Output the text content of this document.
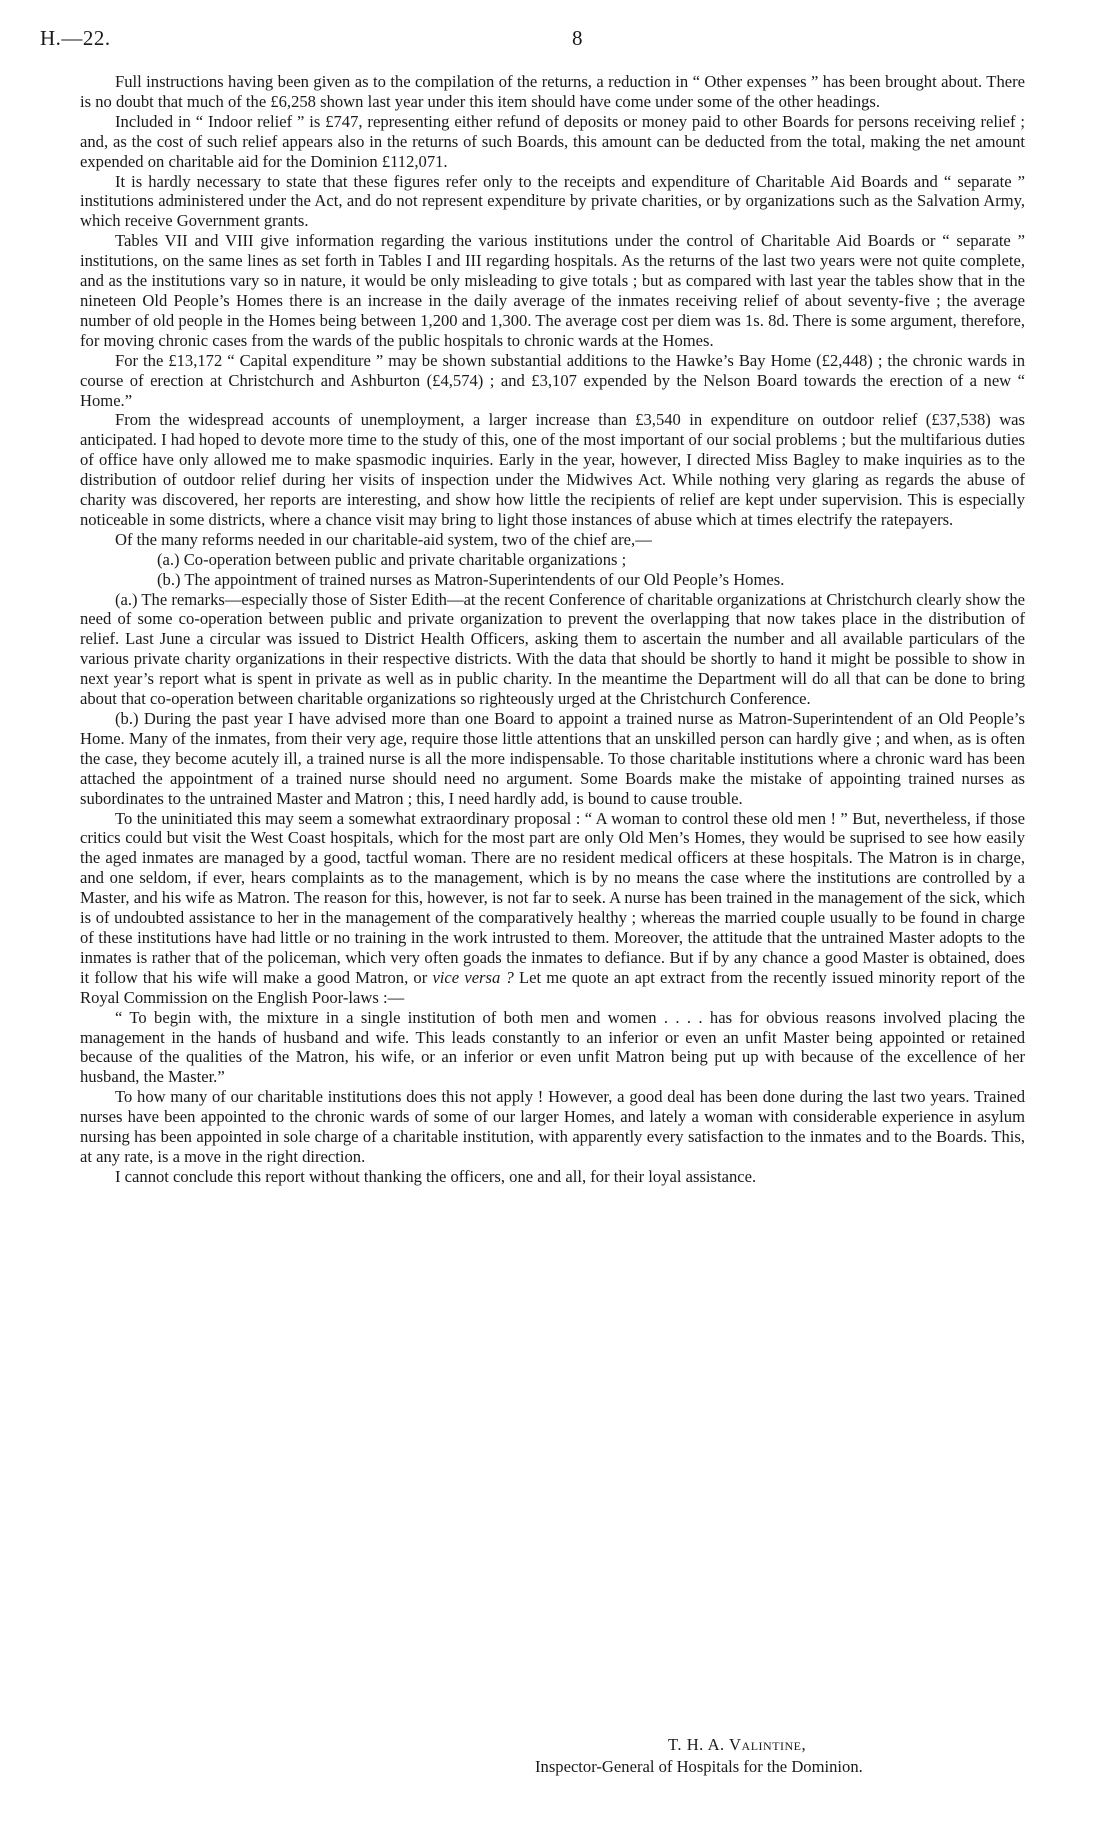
H.—22.	8

Full instructions having been given as to the compilation of the returns, a reduction in “ Other expenses ” has been brought about. There is no doubt that much of the £6,258 shown last year under this item should have come under some of the other headings.

Included in “ Indoor relief ” is £747, representing either refund of deposits or money paid to other Boards for persons receiving relief ; and, as the cost of such relief appears also in the returns of such Boards, this amount can be deducted from the total, making the net amount expended on charitable aid for the Dominion £112,071.

It is hardly necessary to state that these figures refer only to the receipts and expenditure of Charitable Aid Boards and “ separate ” institutions administered under the Act, and do not represent expenditure by private charities, or by organizations such as the Salvation Army, which receive Government grants.

Tables VII and VIII give information regarding the various institutions under the control of Charitable Aid Boards or “ separate ” institutions, on the same lines as set forth in Tables I and III regarding hospitals. As the returns of the last two years were not quite complete, and as the institutions vary so in nature, it would be only misleading to give totals ; but as compared with last year the tables show that in the nineteen Old People’s Homes there is an increase in the daily average of the inmates receiving relief of about seventy-five ; the average number of old people in the Homes being between 1,200 and 1,300. The average cost per diem was 1s. 8d. There is some argument, therefore, for moving chronic cases from the wards of the public hospitals to chronic wards at the Homes.

For the £13,172 “ Capital expenditure ” may be shown substantial additions to the Hawke’s Bay Home (£2,448) ; the chronic wards in course of erection at Christchurch and Ashburton (£4,574) ; and £3,107 expended by the Nelson Board towards the erection of a new “ Home.”

From the widespread accounts of unemployment, a larger increase than £3,540 in expenditure on outdoor relief (£37,538) was anticipated. I had hoped to devote more time to the study of this, one of the most important of our social problems ; but the multifarious duties of office have only allowed me to make spasmodic inquiries. Early in the year, however, I directed Miss Bagley to make inquiries as to the distribution of outdoor relief during her visits of inspection under the Midwives Act. While nothing very glaring as regards the abuse of charity was discovered, her reports are interesting, and show how little the recipients of relief are kept under supervision. This is especially noticeable in some districts, where a chance visit may bring to light those instances of abuse which at times electrify the ratepayers.

Of the many reforms needed in our charitable-aid system, two of the chief are,—

(a.) Co-operation between public and private charitable organizations ;

(b.) The appointment of trained nurses as Matron-Superintendents of our Old People’s Homes.

(a.) The remarks—especially those of Sister Edith—at the recent Conference of charitable organizations at Christchurch clearly show the need of some co-operation between public and private organization to prevent the overlapping that now takes place in the distribution of relief. Last June a circular was issued to District Health Officers, asking them to ascertain the number and all available particulars of the various private charity organizations in their respective districts. With the data that should be shortly to hand it might be possible to show in next year’s report what is spent in private as well as in public charity. In the meantime the Department will do all that can be done to bring about that co-operation between charitable organizations so righteously urged at the Christchurch Conference.

(b.) During the past year I have advised more than one Board to appoint a trained nurse as Matron-Superintendent of an Old People’s Home. Many of the inmates, from their very age, require those little attentions that an unskilled person can hardly give ; and when, as is often the case, they become acutely ill, a trained nurse is all the more indispensable. To those charitable institutions where a chronic ward has been attached the appointment of a trained nurse should need no argument. Some Boards make the mistake of appointing trained nurses as subordinates to the untrained Master and Matron ; this, I need hardly add, is bound to cause trouble.

To the uninitiated this may seem a somewhat extraordinary proposal : “ A woman to control these old men ! ” But, nevertheless, if those critics could but visit the West Coast hospitals, which for the most part are only Old Men’s Homes, they would be suprised to see how easily the aged inmates are managed by a good, tactful woman. There are no resident medical officers at these hospitals. The Matron is in charge, and one seldom, if ever, hears complaints as to the management, which is by no means the case where the institutions are controlled by a Master, and his wife as Matron. The reason for this, however, is not far to seek. A nurse has been trained in the management of the sick, which is of undoubted assistance to her in the management of the comparatively healthy ; whereas the married couple usually to be found in charge of these institutions have had little or no training in the work intrusted to them. Moreover, the attitude that the untrained Master adopts to the inmates is rather that of the policeman, which very often goads the inmates to defiance. But if by any chance a good Master is obtained, does it follow that his wife will make a good Matron, or vice versa ? Let me quote an apt extract from the recently issued minority report of the Royal Commission on the English Poor-laws :—

“ To begin with, the mixture in a single institution of both men and women . . . . has for obvious reasons involved placing the management in the hands of husband and wife. This leads constantly to an inferior or even an unfit Master being appointed or retained because of the qualities of the Matron, his wife, or an inferior or even unfit Matron being put up with because of the excellence of her husband, the Master.”

To how many of our charitable institutions does this not apply ! However, a good deal has been done during the last two years. Trained nurses have been appointed to the chronic wards of some of our larger Homes, and lately a woman with considerable experience in asylum nursing has been appointed in sole charge of a charitable institution, with apparently every satisfaction to the inmates and to the Boards. This, at any rate, is a move in the right direction.

I cannot conclude this report without thanking the officers, one and all, for their loyal assistance.

T. H. A. Valintine,
Inspector-General of Hospitals for the Dominion.
